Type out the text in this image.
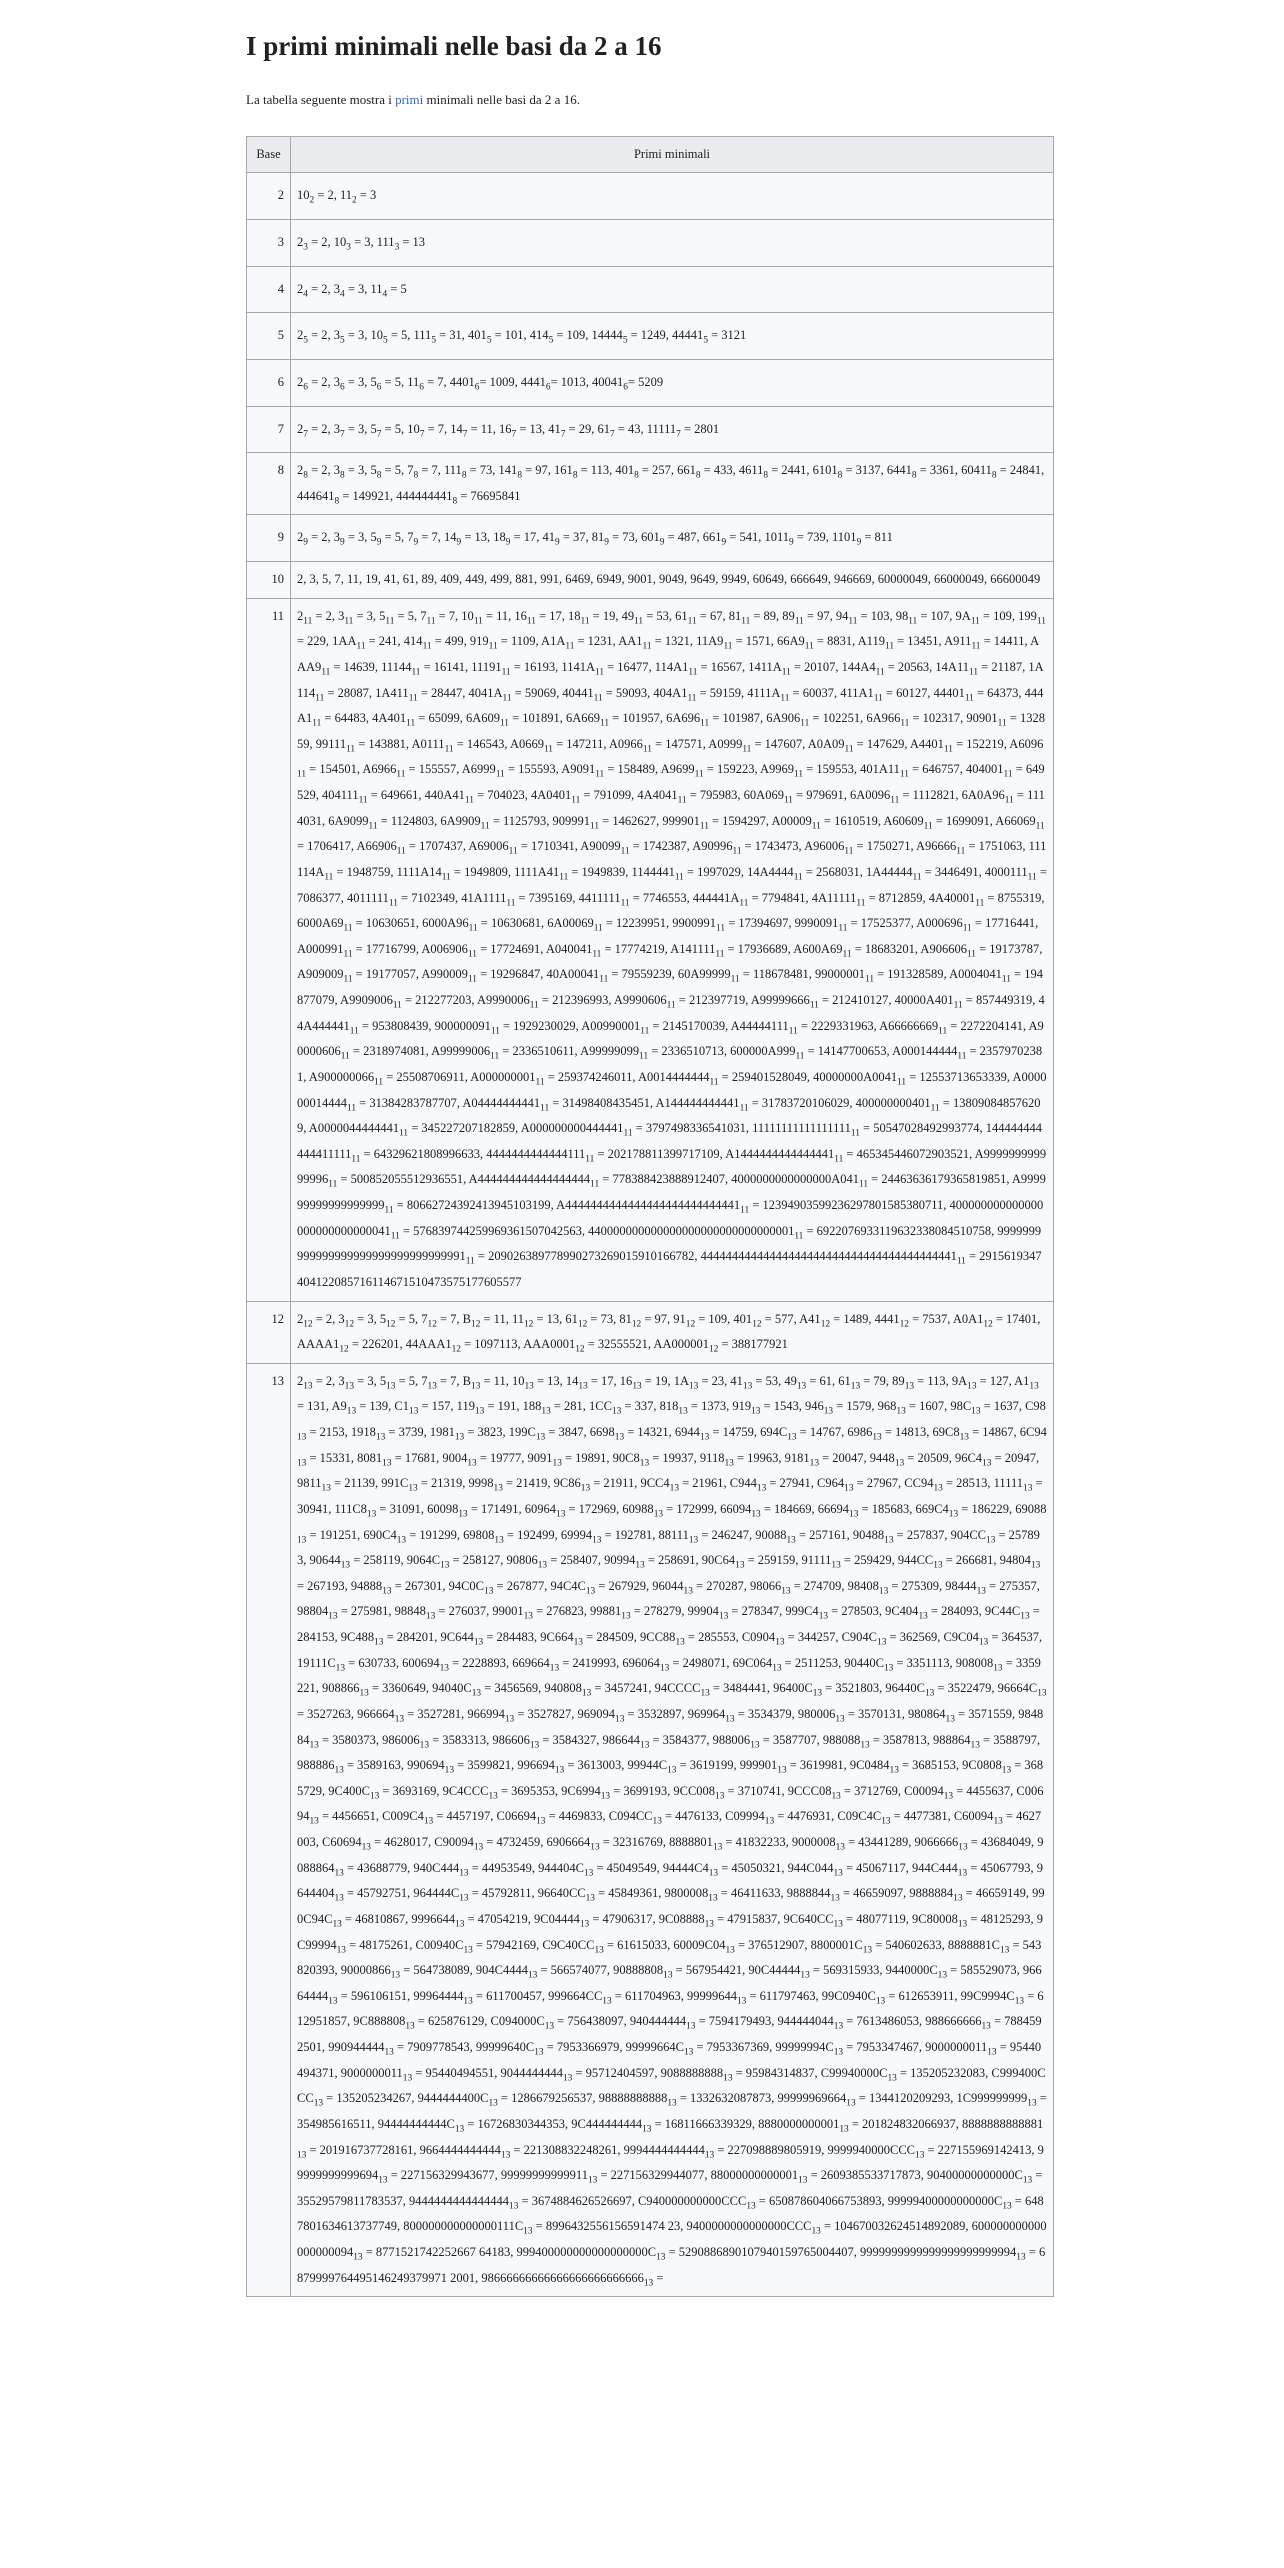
I primi minimali nelle basi da 2 a 16

La tabella seguente mostra i primi minimali nelle basi da 2 a 16.

Base	Primi minimali
2	$10_2 = 2$, $11_2 = 3$
3	$2_3 = 2$, $10_3 = 3$, $111_3 = 13$
4	$2_4 = 2$, $3_4 = 3$, $11_4 = 5$
5	$2_5 = 2$, $3_5 = 3$, $10_5 = 5$, $111_5 = 31$, $401_5 = 101$, $414_5 = 109$, $14444_5 = 1249$, $44441_5 = 3121$
6	$2_6 = 2$, $3_6 = 3$, $5_6 = 5$, $11_6 = 7$, $4401_6= 1009$, $4441_6= 1013$, $40041_6= 5209$
7	$2_7 = 2$, $3_7 = 3$, $5_7 = 5$, $10_7 = 7$, $14_7 = 11$, $16_7 = 13$, $41_7 = 29$, $61_7 = 43$, $11111_7 = 2801$
8	$2_8 = 2$, $3_8 = 3$, $5_8 = 5$, $7_8 = 7$, $111_8 = 73$, $141_8 = 97$, $161_8 = 113$, $401_8 = 257$, $661_8 = 433$, $4611_8 = 2441$, $6101_8 = 3137$, $6441_8 = 3361$, $60411_8 = 24841$, $444641_8 = 149921$, $444444441_8 = 76695841$
9	$2_9 = 2$, $3_9 = 3$, $5_9 = 5$, $7_9 = 7$, $14_9 = 13$, $18_9 = 17$, $41_9 = 37$, $81_9 = 73$, $601_9 = 487$, $661_9 = 541$, $1011_9 = 739$, $1101_9 = 811$
10	2, 3, 5, 7, 11, 19, 41, 61, 89, 409, 449, 499, 881, 991, 6469, 6949, 9001, 9049, 9649, 9949, 60649, 666649, 946669, 60000049, 66000049, 66600049
11	$2_{11} = 2$, $3_{11} = 3$, $5_{11} = 5$, $7_{11} = 7$, $10_{11} = 11$, $16_{11} = 17$, $18_{11} = 19$, $49_{11} = 53$, $61_{11} = 67$, $81_{11} = 89$, $89_{11} = 97$, $94_{11} = 103$, $98_{11} = 107$, $9A_{11} = 109$, $199_{11} = 229$, $1AA_{11} = 241$, $414_{11} = 499$, $919_{11} = 1109$, $A1A_{11} = 1231$, $AA1_{11} = 1321$, $11A9_{11} = 1571$, $66A9_{11} = 8831$, $A119_{11} = 13451$, $A911_{11} = 14411$, $AAA9_{11} = 14639$, $11144_{11} = 16141$, $11191_{11} = 16193$, $1141A_{11} = 16477$, $114A1_{11} = 16567$, $1411A_{11} = 20107$, $144A4_{11} = 20563$, $14A11_{11} = 21187$, $1A114_{11} = 28087$, $1A411_{11} = 28447$, $4041A_{11} = 59069$, $40441_{11} = 59093$, $404A1_{11} = 59159$, $4111A_{11} = 60037$, $411A1_{11} = 60127$, $44401_{11} = 64373$, $444A1_{11} = 64483$, $4A401_{11} = 65099$, $6A609_{11} = 101891$, $6A669_{11} = 101957$, $6A696_{11} = 101987$, $6A906_{11} = 102251$, $6A966_{11} = 102317$, $90901_{11} = 132859$, $99111_{11} = 143881$, $A0111_{11} = 146543$, $A0669_{11} = 147211$, $A0966_{11} = 147571$, $A0999_{11} = 147607$, $A0A09_{11} = 147629$, $A4401_{11} = 152219$, $A6096_{11} = 154501$, $A6966_{11} = 155557$, $A6999_{11} = 155593$, $A9091_{11} = 158489$, $A9699_{11} = 159223$, $A9969_{11} = 159553$, $401A11_{11} = 646757$, $404001_{11} = 649529$, $404111_{11} = 649661$, $440A41_{11} = 704023$, $4A0401_{11} = 791099$, $4A4041_{11} = 795983$, $60A069_{11} = 979691$, $6A0096_{11} = 1112821$, $6A0A96_{11} = 1114031$, $6A9099_{11} = 1124803$, $6A9909_{11} = 1125793$, $909991_{11} = 1462627$, $999901_{11} = 1594297$, $A00009_{11} = 1610519$, $A60609_{11} = 1699091$, $A66069_{11} = 1706417$, $A66906_{11} = 1707437$, $A69006_{11} = 1710341$, $A90099_{11} = 1742387$, $A90996_{11} = 1743473$, $A96006_{11} = 1750271$, $A96666_{11} = 1751063$, $111114A_{11} = 1948759$, $1111A14_{11} = 1949809$, $1111A41_{11} = 1949839$, $1144441_{11} = 1997029$, $14A4444_{11} = 2568031$, $1A44444_{11} = 3446491$, $4000111_{11} = 7086377$, $4011111_{11} = 7102349$, $41A1111_{11} = 7395169$, $4411111_{11} = 7746553$, $444441A_{11} = 7794841$, $4A11111_{11} = 8712859$, $4A40001_{11} = 8755319$, $6000A69_{11} = 10630651$, $6000A96_{11} = 10630681$, $6A00069_{11} = 12239951$, $9900991_{11} = 17394697$, $9990091_{11} = 17525377$, $A000696_{11} = 17716441$, $A000991_{11} = 17716799$, $A006906_{11} = 17724691$, $A040041_{11} = 17774219$, $A141111_{11} = 17936689$, $A600A69_{11} = 18683201$, $A906606_{11} = 19173787$, $A909009_{11} = 19177057$, $A990009_{11} = 19296847$, $40A00041_{11} = 79559239$, $60A99999_{11} = 118678481$, $99000001_{11} = 191328589$, $A0004041_{11} = 194877079$, $A9909006_{11} = 212277203$, $A9990006_{11} = 212396993$, $A9990606_{11} = 212397719$, $A99999666_{11} = 212410127$, $40000A401_{11} = 857449319$, $44A444441_{11} = 953808439$, $900000091_{11} = 1929230029$, $A00990001_{11} = 2145170039$, $A44444111_{11} = 2229331963$, $A66666669_{11} = 2272204141$, $A90000606_{11} = 2318974081$, $A99999006_{11} = 2336510611$, $A99999099_{11} = 2336510713$, $600000A999_{11} = 14147700653$, $A000144444_{11} = 23579702381$, $A900000066_{11} = 25508706911$, $A000000001_{11} = 259374246011$, $A0014444444_{11} = 259401528049$, $40000000A0041_{11} = 12553713653339$, $A000000014444_{11} = 31384283787707$, $A04444444441_{11} = 31498408435451$, $A144444444441_{11} = 31783720106029$, $400000000401_{11} = 138090848576209$, $A0000044444441_{11} = 345227207182859$, $A000000000444441_{11} = 3797498336541031$, $11111111111111111_{11} = 50547028492993774$, $144444444444411111_{11} = 64329621808996633$, $4444444444444111_{11} = 202178811399717109$, $A1444444444444441_{11} = 465345446072903521$, $A999999999999996_{11} = 500852055512936551$, $A444444444444444444_{11} = 778388423888912407$, $4000000000000000A041_{11} = 24463636179365819851$, $A999999999999999999_{11} = 80662724392413945103199$, $A4444444444444444444444444441_{11} = 12394903599236297801585380711$, $400000000000000000000000000041_{11} = 576839744259969361507042563$, $440000000000000000000000000000001_{11} = 6922076933119632338084510758$, $9999999999999999999999999999999991_{11} = 209026389778990273269015910166782$, $44444444444444444444444444444444444444441_{11} = 2915619347404122085716114671510473575177605577$
12	$2_{12} = 2$, $3_{12} = 3$, $5_{12} = 5$, $7_{12} = 7$, $B_{12} = 11$, $11_{12} = 13$, $61_{12} = 73$, $81_{12} = 97$, $91_{12} = 109$, $401_{12} = 577$, $A41_{12} = 1489$, $4441_{12} = 7537$, $A0A1_{12} = 17401$, $AAAA1_{12} = 226201$, $44AAA1_{12} = 1097113$, $AAA0001_{12} = 32555521$, $AA000001_{12} = 388177921$
13	$2_{13} = 2$, $3_{13} = 3$, $5_{13} = 5$, $7_{13} = 7$, $B_{13} = 11$, $10_{13} = 13$, $14_{13} = 17$, $16_{13} = 19$, $1A_{13} = 23$, $41_{13} = 53$, $49_{13} = 61$, $61_{13} = 79$, $89_{13} = 113$, $9A_{13} = 127$, $A1_{13} = 131$, $A9_{13} = 139$, $C1_{13} = 157$, $119_{13} = 191$, $188_{13} = 281$, $1CC_{13} = 337$, $818_{13} = 1373$, $919_{13} = 1543$, $946_{13} = 1579$, $968_{13} = 1607$, $98C_{13} = 1637$, $C98_{13} = 2153$, $1918_{13} = 3739$, $1981_{13} = 3823$, $199C_{13} = 3847$, $6698_{13} = 14321$, $6944_{13} = 14759$, $694C_{13} = 14767$, $6986_{13} = 14813$, $69C8_{13} = 14867$, $6C94_{13} = 15331$, $8081_{13} = 17681$, $9004_{13} = 19777$, $9091_{13} = 19891$, $90C8_{13} = 19937$, $9118_{13} = 19963$, $9181_{13} = 20047$, $9448_{13} = 20509$, $96C4_{13} = 20947$, $9811_{13} = 21139$, $991C_{13} = 21319$, $9998_{13} = 21419$, $9C86_{13} = 21911$, $9CC4_{13} = 21961$, $C944_{13} = 27941$, $C964_{13} = 27967$, $CC94_{13} = 28513$, $11111_{13} = 30941$, $111C8_{13} = 31091$, $60098_{13} = 171491$, $60964_{13} = 172969$, $60988_{13} = 172999$, $66094_{13} = 184669$, $66694_{13} = 185683$, $669C4_{13} = 186229$, $69088_{13} = 191251$, $690C4_{13} = 191299$, $69808_{13} = 192499$, $69994_{13} = 192781$, $88111_{13} = 246247$, $90088_{13} = 257161$, $90488_{13} = 257837$, $904CC_{13} = 257893$, $90644_{13} = 258119$, $9064C_{13} = 258127$, $90806_{13} = 258407$, $90994_{13} = 258691$, $90C64_{13} = 259159$, $91111_{13} = 259429$, $944CC_{13} = 266681$, $94804_{13} = 267193$, $94888_{13} = 267301$, $94C0C_{13} = 267877$, $94C4C_{13} = 267929$, $96044_{13} = 270287$, $98066_{13} = 274709$, $98408_{13} = 275309$, $98444_{13} = 275357$, $98804_{13} = 275981$, $98848_{13} = 276037$, $99001_{13} = 276823$, $99881_{13} = 278279$, $99904_{13} = 278347$, $999C4_{13} = 278503$, $9C404_{13} = 284093$, $9C44C_{13} = 284153$, $9C488_{13} = 284201$, $9C644_{13} = 284483$, $9C664_{13} = 284509$, $9CC88_{13} = 285553$, $C0904_{13} = 344257$, $C904C_{13} = 362569$, $C9C04_{13} = 364537$, $19111C_{13} = 630733$, $600694_{13} = 2228893$, $669664_{13} = 2419993$, $696064_{13} = 2498071$, $69C064_{13} = 2511253$, $90440C_{13} = 3351113$, $908008_{13} = 3359221$, $908866_{13} = 3360649$, $94040C_{13} = 3456569$, $940808_{13} = 3457241$, $94CCCC_{13} = 3484441$, $96400C_{13} = 3521803$, $96440C_{13} = 3522479$, $96664C_{13} = 3527263$, $966664_{13} = 3527281$, $966994_{13} = 3527827$, $969094_{13} = 3532897$, $969964_{13} = 3534379$, $980006_{13} = 3570131$, $980864_{13} = 3571559$, $984884_{13} = 3580373$, $986006_{13} = 3583313$, $986606_{13} = 3584327$, $986644_{13} = 3584377$, $988006_{13} = 3587707$, $988088_{13} = 3587813$, $988864_{13} = 3588797$, $988886_{13} = 3589163$, $990694_{13} = 3599821$, $996694_{13} = 3613003$, $99944C_{13} = 3619199$, $999901_{13} = 3619981$, $9C0484_{13} = 3685153$, $9C0808_{13} = 3685729$, $9C400C_{13} = 3693169$, $9C4CCC_{13} = 3695353$, $9C6994_{13} = 3699193$, $9CC008_{13} = 3710741$, $9CCC08_{13} = 3712769$, $C00094_{13} = 4455637$, $C00694_{13} = 4456651$, $C009C4_{13} = 4457197$, $C06694_{13} = 4469833$, $C094CC_{13} = 4476133$, $C09994_{13} = 4476931$, $C09C4C_{13} = 4477381$, $C60094_{13} = 4627003$, $C60694_{13} = 4628017$, $C90094_{13} = 4732459$, $6906664_{13} = 32316769$, $8888801_{13} = 41832233$, $9000008_{13} = 43441289$, $9066666_{13} = 43684049$, $9088864_{13} = 43688779$, $940C444_{13} = 44953549$, $944404C_{13} = 45049549$, $94444C4_{13} = 45050321$, $944C044_{13} = 45067117$, $944C444_{13} = 45067793$, $9644404_{13} = 45792751$, $964444C_{13} = 45792811$, $96640CC_{13} = 45849361$, $9800008_{13} = 46411633$, $9888844_{13} = 46659097$, $9888884_{13} = 46659149$, $990C94C_{13} = 46810867$, $9996644_{13} = 47054219$, $9C04444_{13} = 47906317$, $9C08888_{13} = 47915837$, $9C640CC_{13} = 48077119$, $9C80008_{13} = 48125293$, $9C99994_{13} = 48175261$, $C00940C_{13} = 57942169$, $C9C40CC_{13} = 61615033$, $60009C04_{13} = 376512907$, $8800001C_{13} = 540602633$, $8888881C_{13} = 543820393$, $90000866_{13} = 564738089$, $904C4444_{13} = 566574077$, $90888808_{13} = 567954421$, $90C44444_{13} = 569315933$, $9440000C_{13} = 585529073$, $96664444_{13} = 596106151$, $99964444_{13} = 611700457$, $999664CC_{13} = 611704963$, $99999644_{13} = 611797463$, $99C0940C_{13} = 612653911$, $99C9994C_{13} = 612951857$, $9C888808_{13} = 625876129$, $C094000C_{13} = 756438097$, $940444444_{13} = 7594179493$, $944444044_{13} = 7613486053$, $988666666_{13} = 7884592501$, $990944444_{13} = 7909778543$, $99999640C_{13} = 7953366979$, $99999664C_{13} = 7953367369$, $99999994C_{13} = 7953347467$, $9000000011_{13} = 95440494371$, $9000000011_{13} = 95440494551$, $9044444444_{13} = 95712404597$, $9088888888_{13} = 95984314837$, $C99940000C_{13} = 135205232083$, $C999400CCC_{13} = 135205234267$, $9444444400C_{13} = 1286679256537$, $98888888888_{13} = 1332632087873$, $99999969664_{13} = 1344120209293$, $1C999999999_{13} = 354985616511$, $94444444444C_{13} = 16726830344353$, $9C444444444_{13} = 16811666339329$, $8880000000001_{13} = 201824832066937$, $8888888888881_{13} = 201916737728161$, $9664444444444_{13} = 221308832248261$, $9994444444444_{13} = 227098889805919$, $9999940000CCC_{13} = 227155969142413$, $99999999999694_{13} = 227156329943677$, $99999999999911_{13} = 227156329944077$, $88000000000001_{13} = 2609385533717873$, $90400000000000C_{13} = 35529579811783537$, $9444444444444444_{13} = 3674884626526697$, $C940000000000CCC_{13} = 650878604066753893$, $99999400000000000C_{13} = 6487801634613737749$, $800000000000000111C_{13} = 8996432556156591474$ 23, $9400000000000000CCC_{13} = 104670032624514892089$, $600000000000000000094_{13} = 8771521742252667$ 64183, $999400000000000000000C_{13} = 5290886890107940159765004407$, $9999999999999999999999994_{13} = 6879999764495146249379971$ 2001, $98666666666666666666666666_{13}$ =
